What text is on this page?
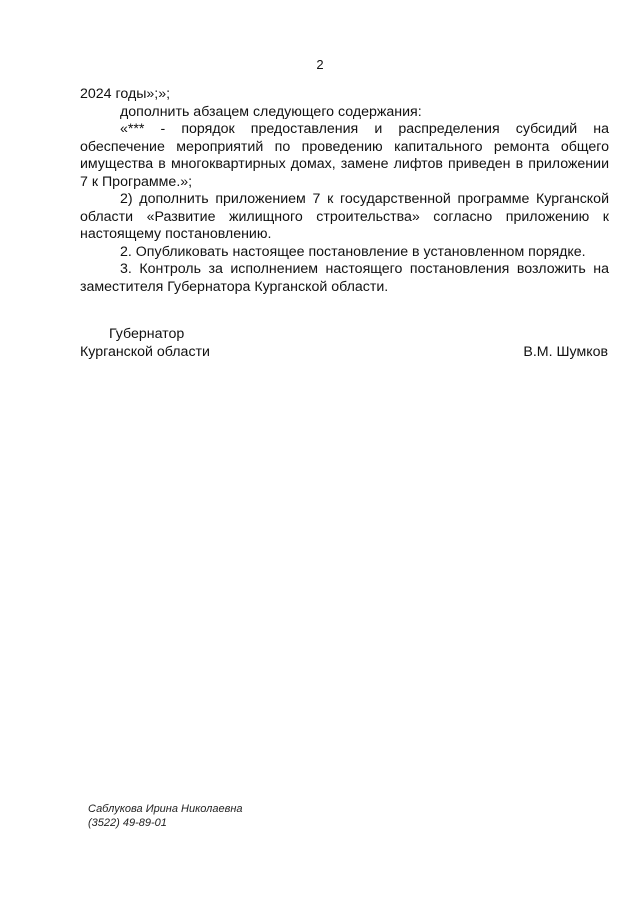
2

2024 годы»;»;

дополнить абзацем следующего содержания:

«*** - порядок предоставления и распределения субсидий на обеспечение мероприятий по проведению капитального ремонта общего имущества в многоквартирных домах, замене лифтов приведен в приложении 7 к Программе.»;

2) дополнить приложением 7 к государственной программе Курганской области «Развитие жилищного строительства» согласно приложению к настоящему постановлению.

2. Опубликовать настоящее постановление в установленном порядке.

3. Контроль за исполнением настоящего постановления возложить на заместителя Губернатора Курганской области.

Губернатор
Курганской области	В.М. Шумков
Саблукова Ирина Николаевна
(3522) 49-89-01
